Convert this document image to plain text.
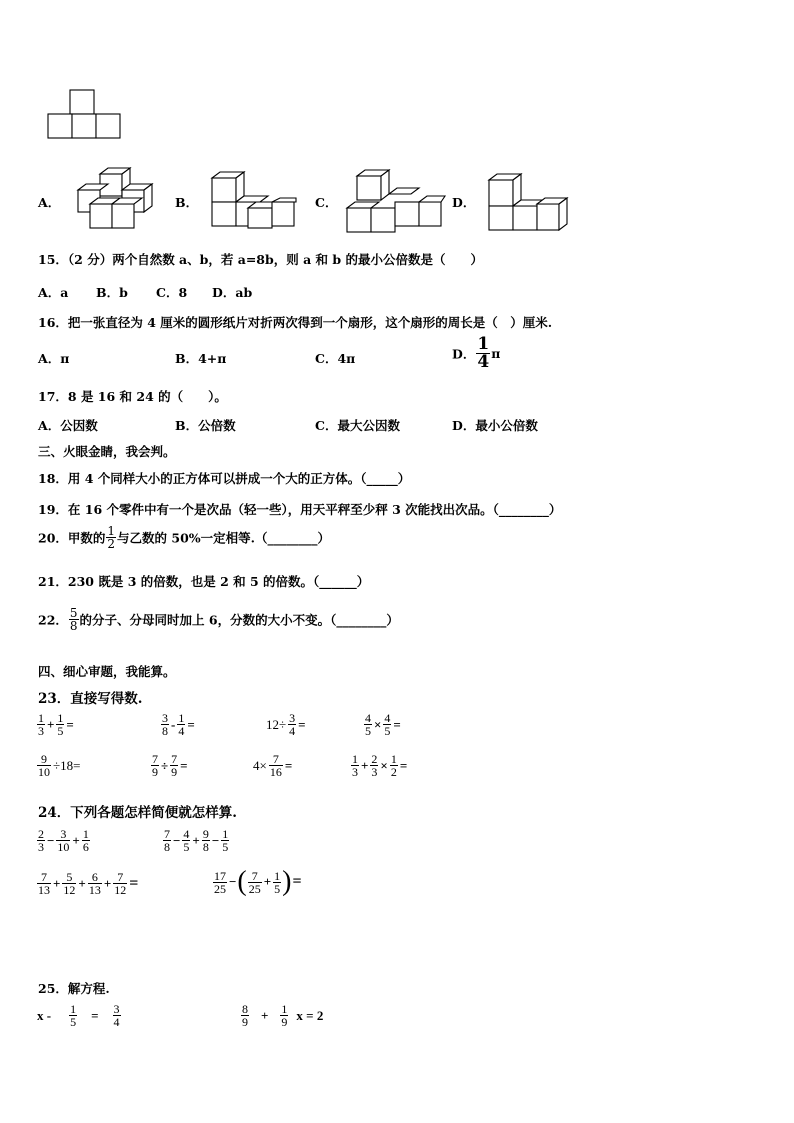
A．	B．	C．	D．
15．（2 分）两个自然数 a、b，若 a=8b，则 a 和 b 的最小公倍数是（　　）
A．a B．b C．8 D．ab
16．把一张直径为 4 厘米的圆形纸片对折两次得到一个扇形，这个扇形的周长是（　）厘米.
A．π	B．4+π	C．4π	D． $\frac{1}{4}$ π
17．8 是 16 和 24 的（　　）。
A．公因数	B．公倍数	C．最大公因数	D．最小公倍数
三、火眼金睛，我会判。
18．用 4 个同样大小的正方体可以拼成一个大的正方体。（_____）
19．在 16 个零件中有一个是次品（轻一些），用天平秤至少秤 3 次能找出次品。（________）
20．甲数的 $\frac{1}{2}$ 与乙数的 50%一定相等.（________）
21．230 既是 3 的倍数，也是 2 和 5 的倍数。（______）
22． $\frac{5}{8}$ 的分子、分母同时加上 6，分数的大小不变。（________）
四、细心审题，我能算。
23．直接写得数.
$\frac{1}{3} + \frac{1}{5}$ =	$\frac{3}{8} - \frac{1}{4}$ =	$12\div \frac{3}{4}$ =	$\frac{4}{5} \times \frac{4}{5}$ =
$\frac{9}{10} \div 18=$	$\frac{7}{9} \div \frac{7}{9}$ =	$4\times \frac{7}{16}$ =	$\frac{1}{3} + \frac{2}{3} \times \frac{1}{2}$ =
24．下列各题怎样简便就怎样算.
$\frac{2}{3} - \frac{3}{10} + \frac{1}{6}$	$\frac{7}{8} - \frac{4}{5} + \frac{9}{8} - \frac{1}{5}$
$\frac{7}{13} + \frac{5}{12} + \frac{6}{13} + \frac{7}{12}$ =	$\frac{17}{25}$ −( $\frac{7}{25} + \frac{1}{5}$ )=
25．解方程.
$x - \frac{1}{5} = \frac{3}{4}$	$\frac{8}{9} + \frac{1}{9}$ x = 2
